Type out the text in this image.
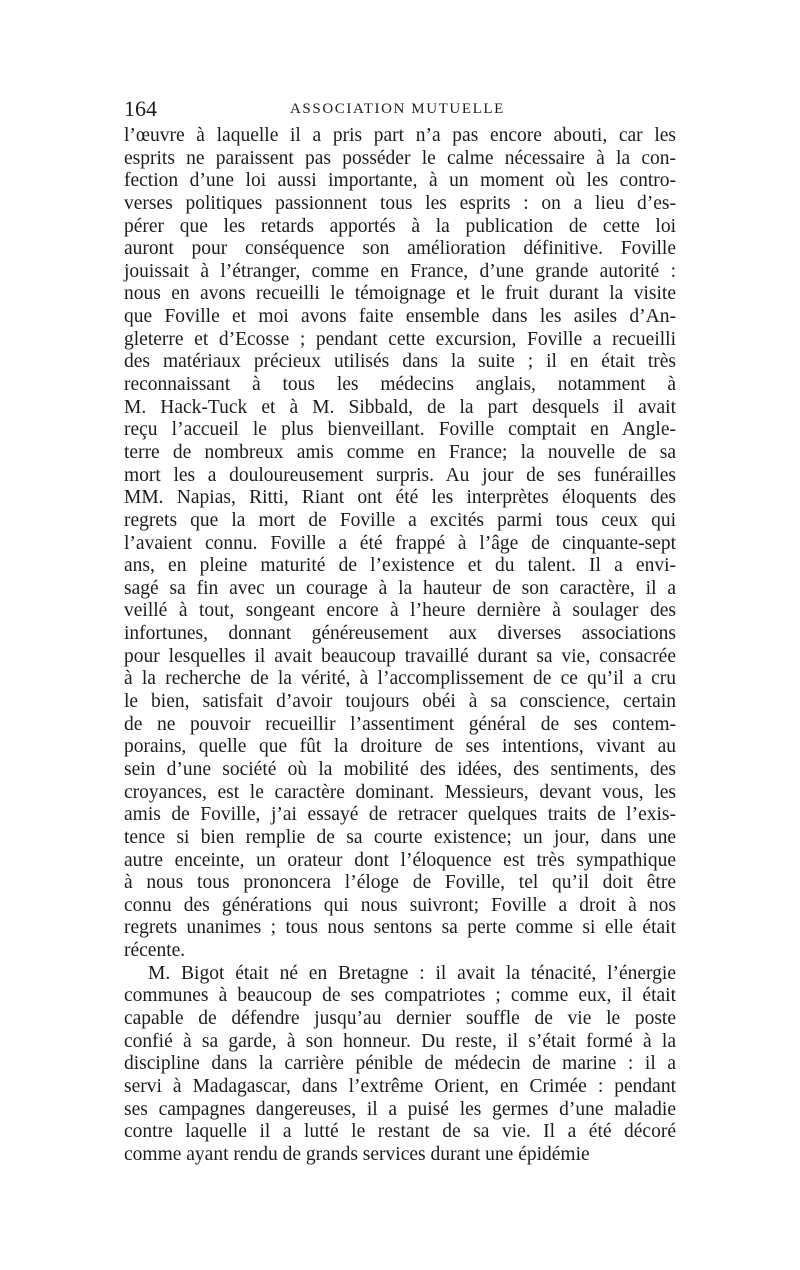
164	ASSOCIATION MUTUELLE
l’œuvre à laquelle il a pris part n’a pas encore abouti, car les
esprits ne paraissent pas posséder le calme nécessaire à la con-
fection d’une loi aussi importante, à un moment où les contro-
verses politiques passionnent tous les esprits : on a lieu d’es-
pérer que les retards apportés à la publication de cette loi
auront pour conséquence son amélioration définitive. Foville
jouissait à l’étranger, comme en France, d’une grande autorité :
nous en avons recueilli le témoignage et le fruit durant la visite
que Foville et moi avons faite ensemble dans les asiles d’An-
gleterre et d’Ecosse ; pendant cette excursion, Foville a recueilli
des matériaux précieux utilisés dans la suite ; il en était très
reconnaissant à tous les médecins anglais, notamment à
M. Hack-Tuck et à M. Sibbald, de la part desquels il avait
reçu l’accueil le plus bienveillant. Foville comptait en Angle-
terre de nombreux amis comme en France; la nouvelle de sa
mort les a douloureusement surpris. Au jour de ses funérailles
MM. Napias, Ritti, Riant ont été les interprètes éloquents des
regrets que la mort de Foville a excités parmi tous ceux qui
l’avaient connu. Foville a été frappé à l’âge de cinquante-sept
ans, en pleine maturité de l’existence et du talent. Il a envi-
sagé sa fin avec un courage à la hauteur de son caractère, il a
veillé à tout, songeant encore à l’heure dernière à soulager des
infortunes, donnant généreusement aux diverses associations
pour lesquelles il avait beaucoup travaillé durant sa vie, consacrée
à la recherche de la vérité, à l’accomplissement de ce qu’il a cru
le bien, satisfait d’avoir toujours obéi à sa conscience, certain
de ne pouvoir recueillir l’assentiment général de ses contem-
porains, quelle que fût la droiture de ses intentions, vivant au
sein d’une société où la mobilité des idées, des sentiments, des
croyances, est le caractère dominant. Messieurs, devant vous, les
amis de Foville, j’ai essayé de retracer quelques traits de l’exis-
tence si bien remplie de sa courte existence; un jour, dans une
autre enceinte, un orateur dont l’éloquence est très sympathique
à nous tous prononcera l’éloge de Foville, tel qu’il doit être
connu des générations qui nous suivront; Foville a droit à nos
regrets unanimes ; tous nous sentons sa perte comme si elle était
récente.
M. Bigot était né en Bretagne : il avait la ténacité, l’énergie
communes à beaucoup de ses compatriotes ; comme eux, il était
capable de défendre jusqu’au dernier souffle de vie le poste
confié à sa garde, à son honneur. Du reste, il s’était formé à la
discipline dans la carrière pénible de médecin de marine : il a
servi à Madagascar, dans l’extrême Orient, en Crimée : pendant
ses campagnes dangereuses, il a puisé les germes d’une maladie
contre laquelle il a lutté le restant de sa vie. Il a été décoré
comme ayant rendu de grands services durant une épidémie
